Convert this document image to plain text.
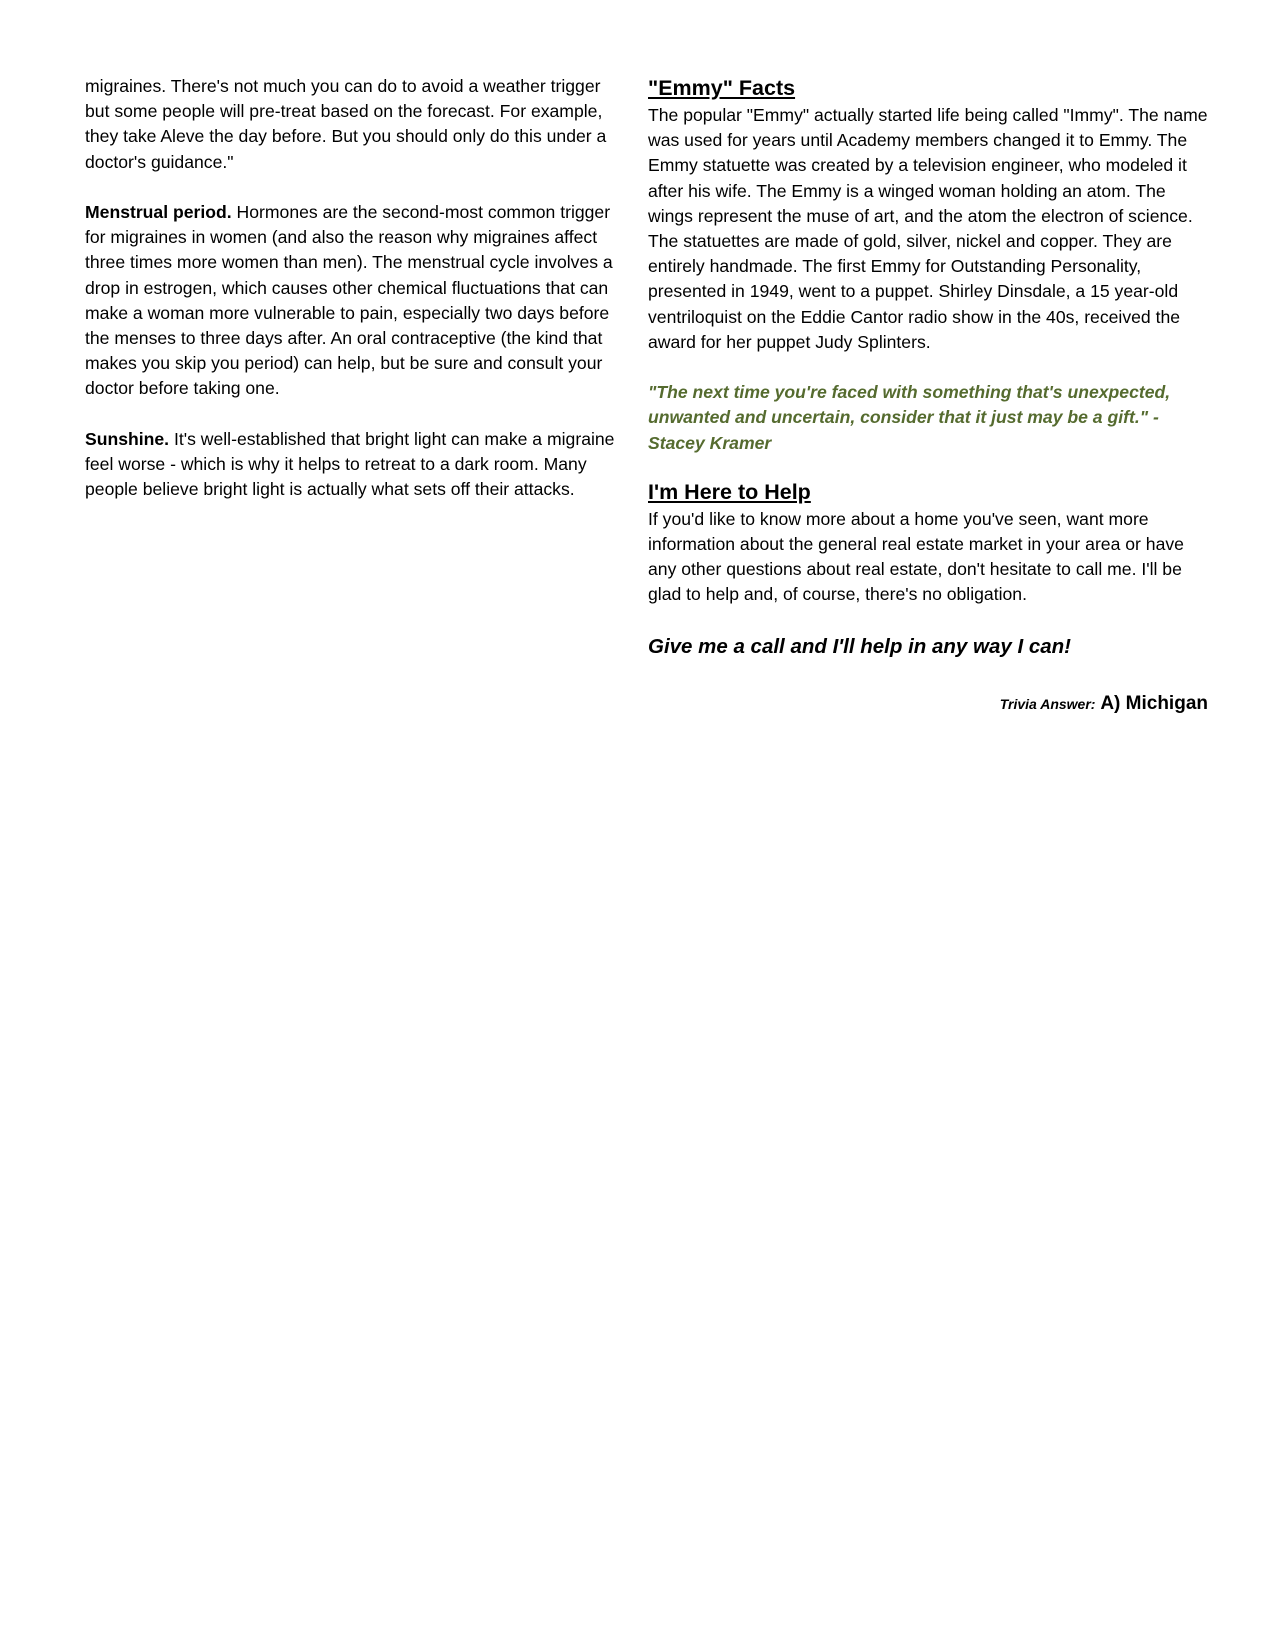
migraines. There's not much you can do to avoid a weather trigger but some people will pre-treat based on the forecast. For example, they take Aleve the day before. But you should only do this under a doctor's guidance."

Menstrual period. Hormones are the second-most common trigger for migraines in women (and also the reason why migraines affect three times more women than men). The menstrual cycle involves a drop in estrogen, which causes other chemical fluctuations that can make a woman more vulnerable to pain, especially two days before the menses to three days after. An oral contraceptive (the kind that makes you skip you period) can help, but be sure and consult your doctor before taking one.

Sunshine. It's well-established that bright light can make a migraine feel worse - which is why it helps to retreat to a dark room. Many people believe bright light is actually what sets off their attacks.

"Emmy" Facts

The popular "Emmy" actually started life being called "Immy". The name was used for years until Academy members changed it to Emmy. The Emmy statuette was created by a television engineer, who modeled it after his wife. The Emmy is a winged woman holding an atom. The wings represent the muse of art, and the atom the electron of science. The statuettes are made of gold, silver, nickel and copper. They are entirely handmade. The first Emmy for Outstanding Personality, presented in 1949, went to a puppet. Shirley Dinsdale, a 15 year-old ventriloquist on the Eddie Cantor radio show in the 40s, received the award for her puppet Judy Splinters.

"The next time you're faced with something that's unexpected, unwanted and uncertain, consider that it just may be a gift." - Stacey Kramer

I'm Here to Help

If you'd like to know more about a home you've seen, want more information about the general real estate market in your area or have any other questions about real estate, don't hesitate to call me. I'll be glad to help and, of course, there's no obligation.

Give me a call and I'll help in any way I can!

Trivia Answer: A) Michigan
